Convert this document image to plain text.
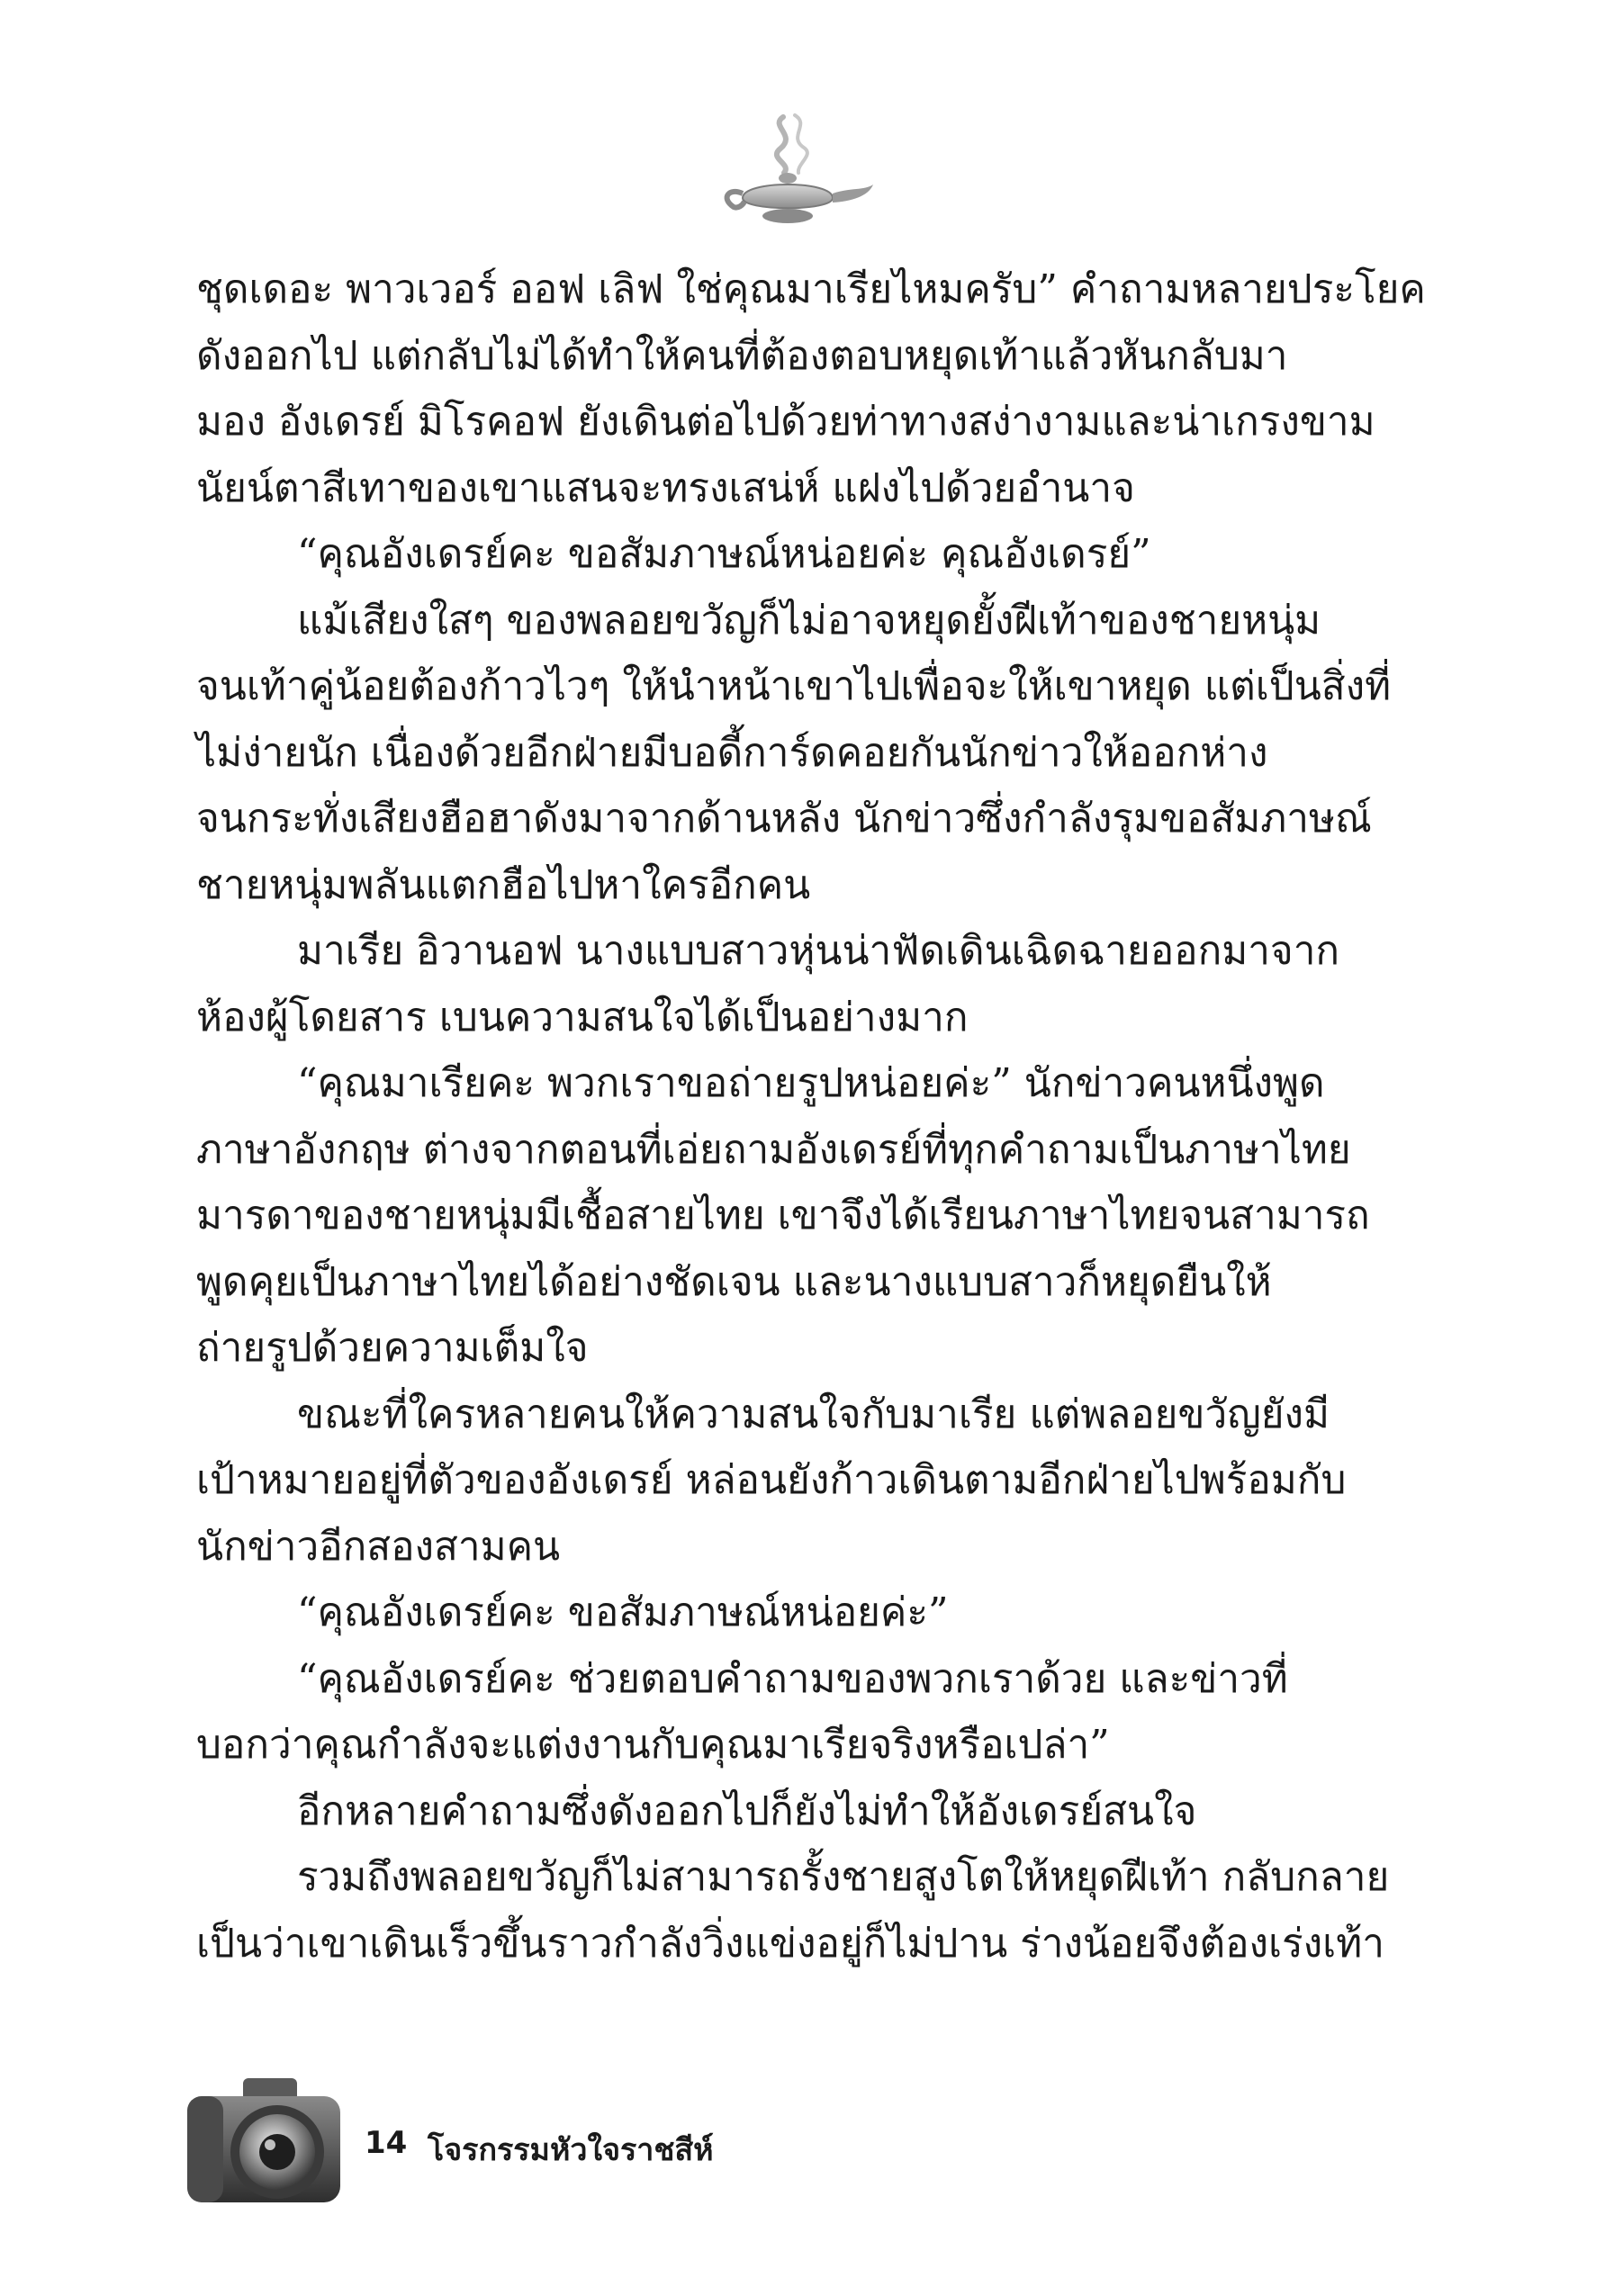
ชุดเดอะ พาวเวอร์ ออฟ เลิฟ ใช่คุณมาเรียไหมครับ” คำถามหลายประโยค
ดังออกไป แต่กลับไม่ได้ทำให้คนที่ต้องตอบหยุดเท้าแล้วหันกลับมา
มอง อังเดรย์ มิโรคอฟ ยังเดินต่อไปด้วยท่าทางสง่างามและน่าเกรงขาม
นัยน์ตาสีเทาของเขาแสนจะทรงเสน่ห์ แฝงไปด้วยอำนาจ
“คุณอังเดรย์คะ ขอสัมภาษณ์หน่อยค่ะ คุณอังเดรย์”
แม้เสียงใสๆ ของพลอยขวัญก็ไม่อาจหยุดยั้งฝีเท้าของชายหนุ่ม
จนเท้าคู่น้อยต้องก้าวไวๆ ให้นำหน้าเขาไปเพื่อจะให้เขาหยุด แต่เป็นสิ่งที่
ไม่ง่ายนัก เนื่องด้วยอีกฝ่ายมีบอดี้การ์ดคอยกันนักข่าวให้ออกห่าง
จนกระทั่งเสียงฮือฮาดังมาจากด้านหลัง นักข่าวซึ่งกำลังรุมขอสัมภาษณ์
ชายหนุ่มพลันแตกฮือไปหาใครอีกคน
มาเรีย อิวานอฟ นางแบบสาวหุ่นน่าฟัดเดินเฉิดฉายออกมาจาก
ห้องผู้โดยสาร เบนความสนใจได้เป็นอย่างมาก
“คุณมาเรียคะ พวกเราขอถ่ายรูปหน่อยค่ะ” นักข่าวคนหนึ่งพูด
ภาษาอังกฤษ ต่างจากตอนที่เอ่ยถามอังเดรย์ที่ทุกคำถามเป็นภาษาไทย
มารดาของชายหนุ่มมีเชื้อสายไทย เขาจึงได้เรียนภาษาไทยจนสามารถ
พูดคุยเป็นภาษาไทยได้อย่างชัดเจน และนางแบบสาวก็หยุดยืนให้
ถ่ายรูปด้วยความเต็มใจ
ขณะที่ใครหลายคนให้ความสนใจกับมาเรีย แต่พลอยขวัญยังมี
เป้าหมายอยู่ที่ตัวของอังเดรย์ หล่อนยังก้าวเดินตามอีกฝ่ายไปพร้อมกับ
นักข่าวอีกสองสามคน
“คุณอังเดรย์คะ ขอสัมภาษณ์หน่อยค่ะ”
“คุณอังเดรย์คะ ช่วยตอบคำถามของพวกเราด้วย และข่าวที่
บอกว่าคุณกำลังจะแต่งงานกับคุณมาเรียจริงหรือเปล่า”
อีกหลายคำถามซึ่งดังออกไปก็ยังไม่ทำให้อังเดรย์สนใจ
รวมถึงพลอยขวัญก็ไม่สามารถรั้งชายสูงโตให้หยุดฝีเท้า กลับกลาย
เป็นว่าเขาเดินเร็วขึ้นราวกำลังวิ่งแข่งอยู่ก็ไม่ปาน ร่างน้อยจึงต้องเร่งเท้า
14 โจรกรรมหัวใจราชสีห์
